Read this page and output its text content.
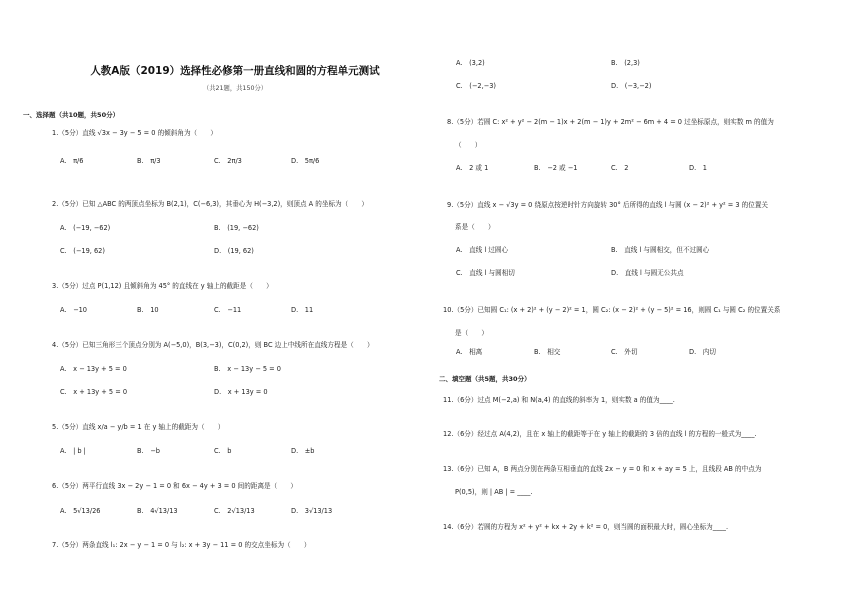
人教A版（2019）选择性必修第一册直线和圆的方程单元测试
（共21题，共150分）
一、选择题（共10题，共50分）
1.（5分）直线 √3x − 3y − 5 = 0 的倾斜角为（　　）
A.　π/6	B.　π/3	C.　2π/3	D.　5π/6
2.（5分）已知 △ABC 的两顶点坐标为 B(2,1)，C(−6,3)，其垂心为 H(−3,2)，则顶点 A 的坐标为（　　）
A.　(−19, −62)	B.　(19, −62)
C.　(−19, 62)	D.　(19, 62)
3.（5分）过点 P(1,12) 且倾斜角为 45° 的直线在 y 轴上的截距是（　　）
A.　−10	B.　10	C.　−11	D.　11
4.（5分）已知三角形三个顶点分别为 A(−5,0)，B(3,−3)，C(0,2)，则 BC 边上中线所在直线方程是（　　）
A.　x − 13y + 5 = 0	B.　x − 13y − 5 = 0
C.　x + 13y + 5 = 0	D.　x + 13y = 0
5.（5分）直线 x/a − y/b = 1 在 y 轴上的截距为（　　）
A.　| b |	B.　−b	C.　b	D.　±b
6.（5分）两平行直线 3x − 2y − 1 = 0 和 6x − 4y + 3 = 0 间的距离是（　　）
A.　5√13/26	B.　4√13/13	C.　2√13/13	D.　3√13/13
7.（5分）两条直线 l₁: 2x − y − 1 = 0 与 l₂: x + 3y − 11 = 0 的交点坐标为（　　）
A.　(3,2)	B.　(2,3)
C.　(−2,−3)	D.　(−3,−2)
8.（5分）若圆 C: x² + y² − 2(m − 1)x + 2(m − 1)y + 2m² − 6m + 4 = 0 过坐标原点，则实数 m 的值为
（　　）
A.　2 或 1	B.　−2 或 −1	C.　2	D.　1
9.（5分）直线 x − √3y = 0 绕原点按逆时针方向旋转 30° 后所得的直线 l 与圆 (x − 2)² + y² = 3 的位置关
系是（　　）
A.　直线 l 过圆心	B.　直线 l 与圆相交，但不过圆心
C.　直线 l 与圆相切	D.　直线 l 与圆无公共点
10.（5分）已知圆 C₁: (x + 2)² + (y − 2)² = 1，圆 C₂: (x − 2)² + (y − 5)² = 16，则圆 C₁ 与圆 C₂ 的位置关系
是（　　）
A.　相离	B.　相交	C.　外切	D.　内切
二、填空题（共5题，共30分）
11.（6分）过点 M(−2,a) 和 N(a,4) 的直线的斜率为 1，则实数 a 的值为____.
12.（6分）经过点 A(4,2)，且在 x 轴上的截距等于在 y 轴上的截距的 3 倍的直线 l 的方程的一般式为____.
13.（6分）已知 A，B 两点分别在两条互相垂直的直线 2x − y = 0 和 x + ay = 5 上，且线段 AB 的中点为
P(0,5)，则 | AB | = ____.
14.（6分）若圆的方程为 x² + y² + kx + 2y + k² = 0，则当圆的面积最大时，圆心坐标为____.
